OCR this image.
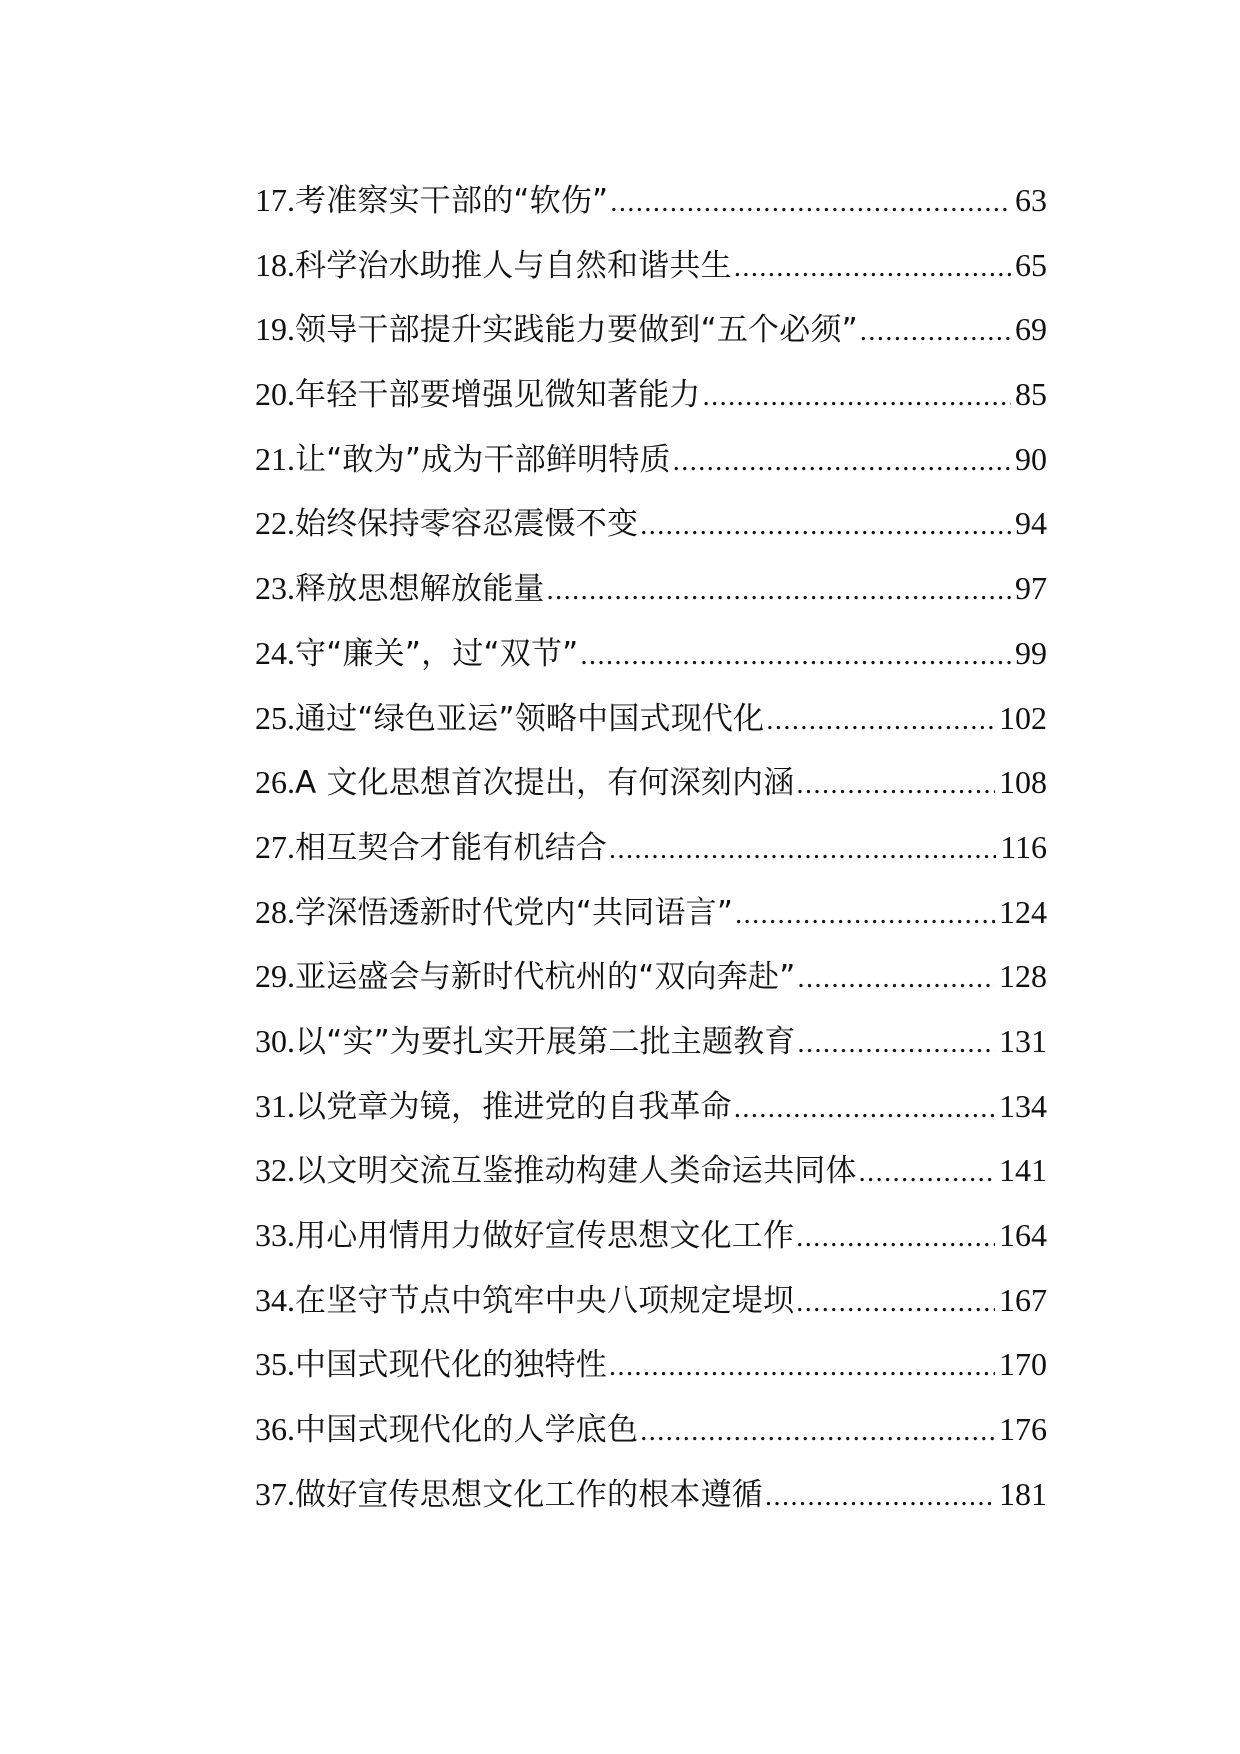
17. 考准察实干部的“软伤” .....	63
18. 科学治水助推人与自然和谐共生 .....	65
19. 领导干部提升实践能力要做到“五个必须” .....	69
20. 年轻干部要增强见微知著能力 .....	85
21. 让“敢为”成为干部鲜明特质 .....	90
22. 始终保持零容忍震慑不变 .....	94
23. 释放思想解放能量 .....	97
24. 守“廉关”，过“双节” .....	99
25. 通过“绿色亚运”领略中国式现代化 .....	102
26. A 文化思想首次提出，有何深刻内涵 .....	108
27. 相互契合才能有机结合 .....	116
28. 学深悟透新时代党内“共同语言” .....	124
29. 亚运盛会与新时代杭州的“双向奔赴” .....	128
30. 以“实”为要扎实开展第二批主题教育 .....	131
31. 以党章为镜，推进党的自我革命 .....	134
32. 以文明交流互鉴推动构建人类命运共同体 .....	141
33. 用心用情用力做好宣传思想文化工作 .....	164
34. 在坚守节点中筑牢中央八项规定堤坝 .....	167
35. 中国式现代化的独特性 .....	170
36. 中国式现代化的人学底色 .....	176
37. 做好宣传思想文化工作的根本遵循 .....	181
